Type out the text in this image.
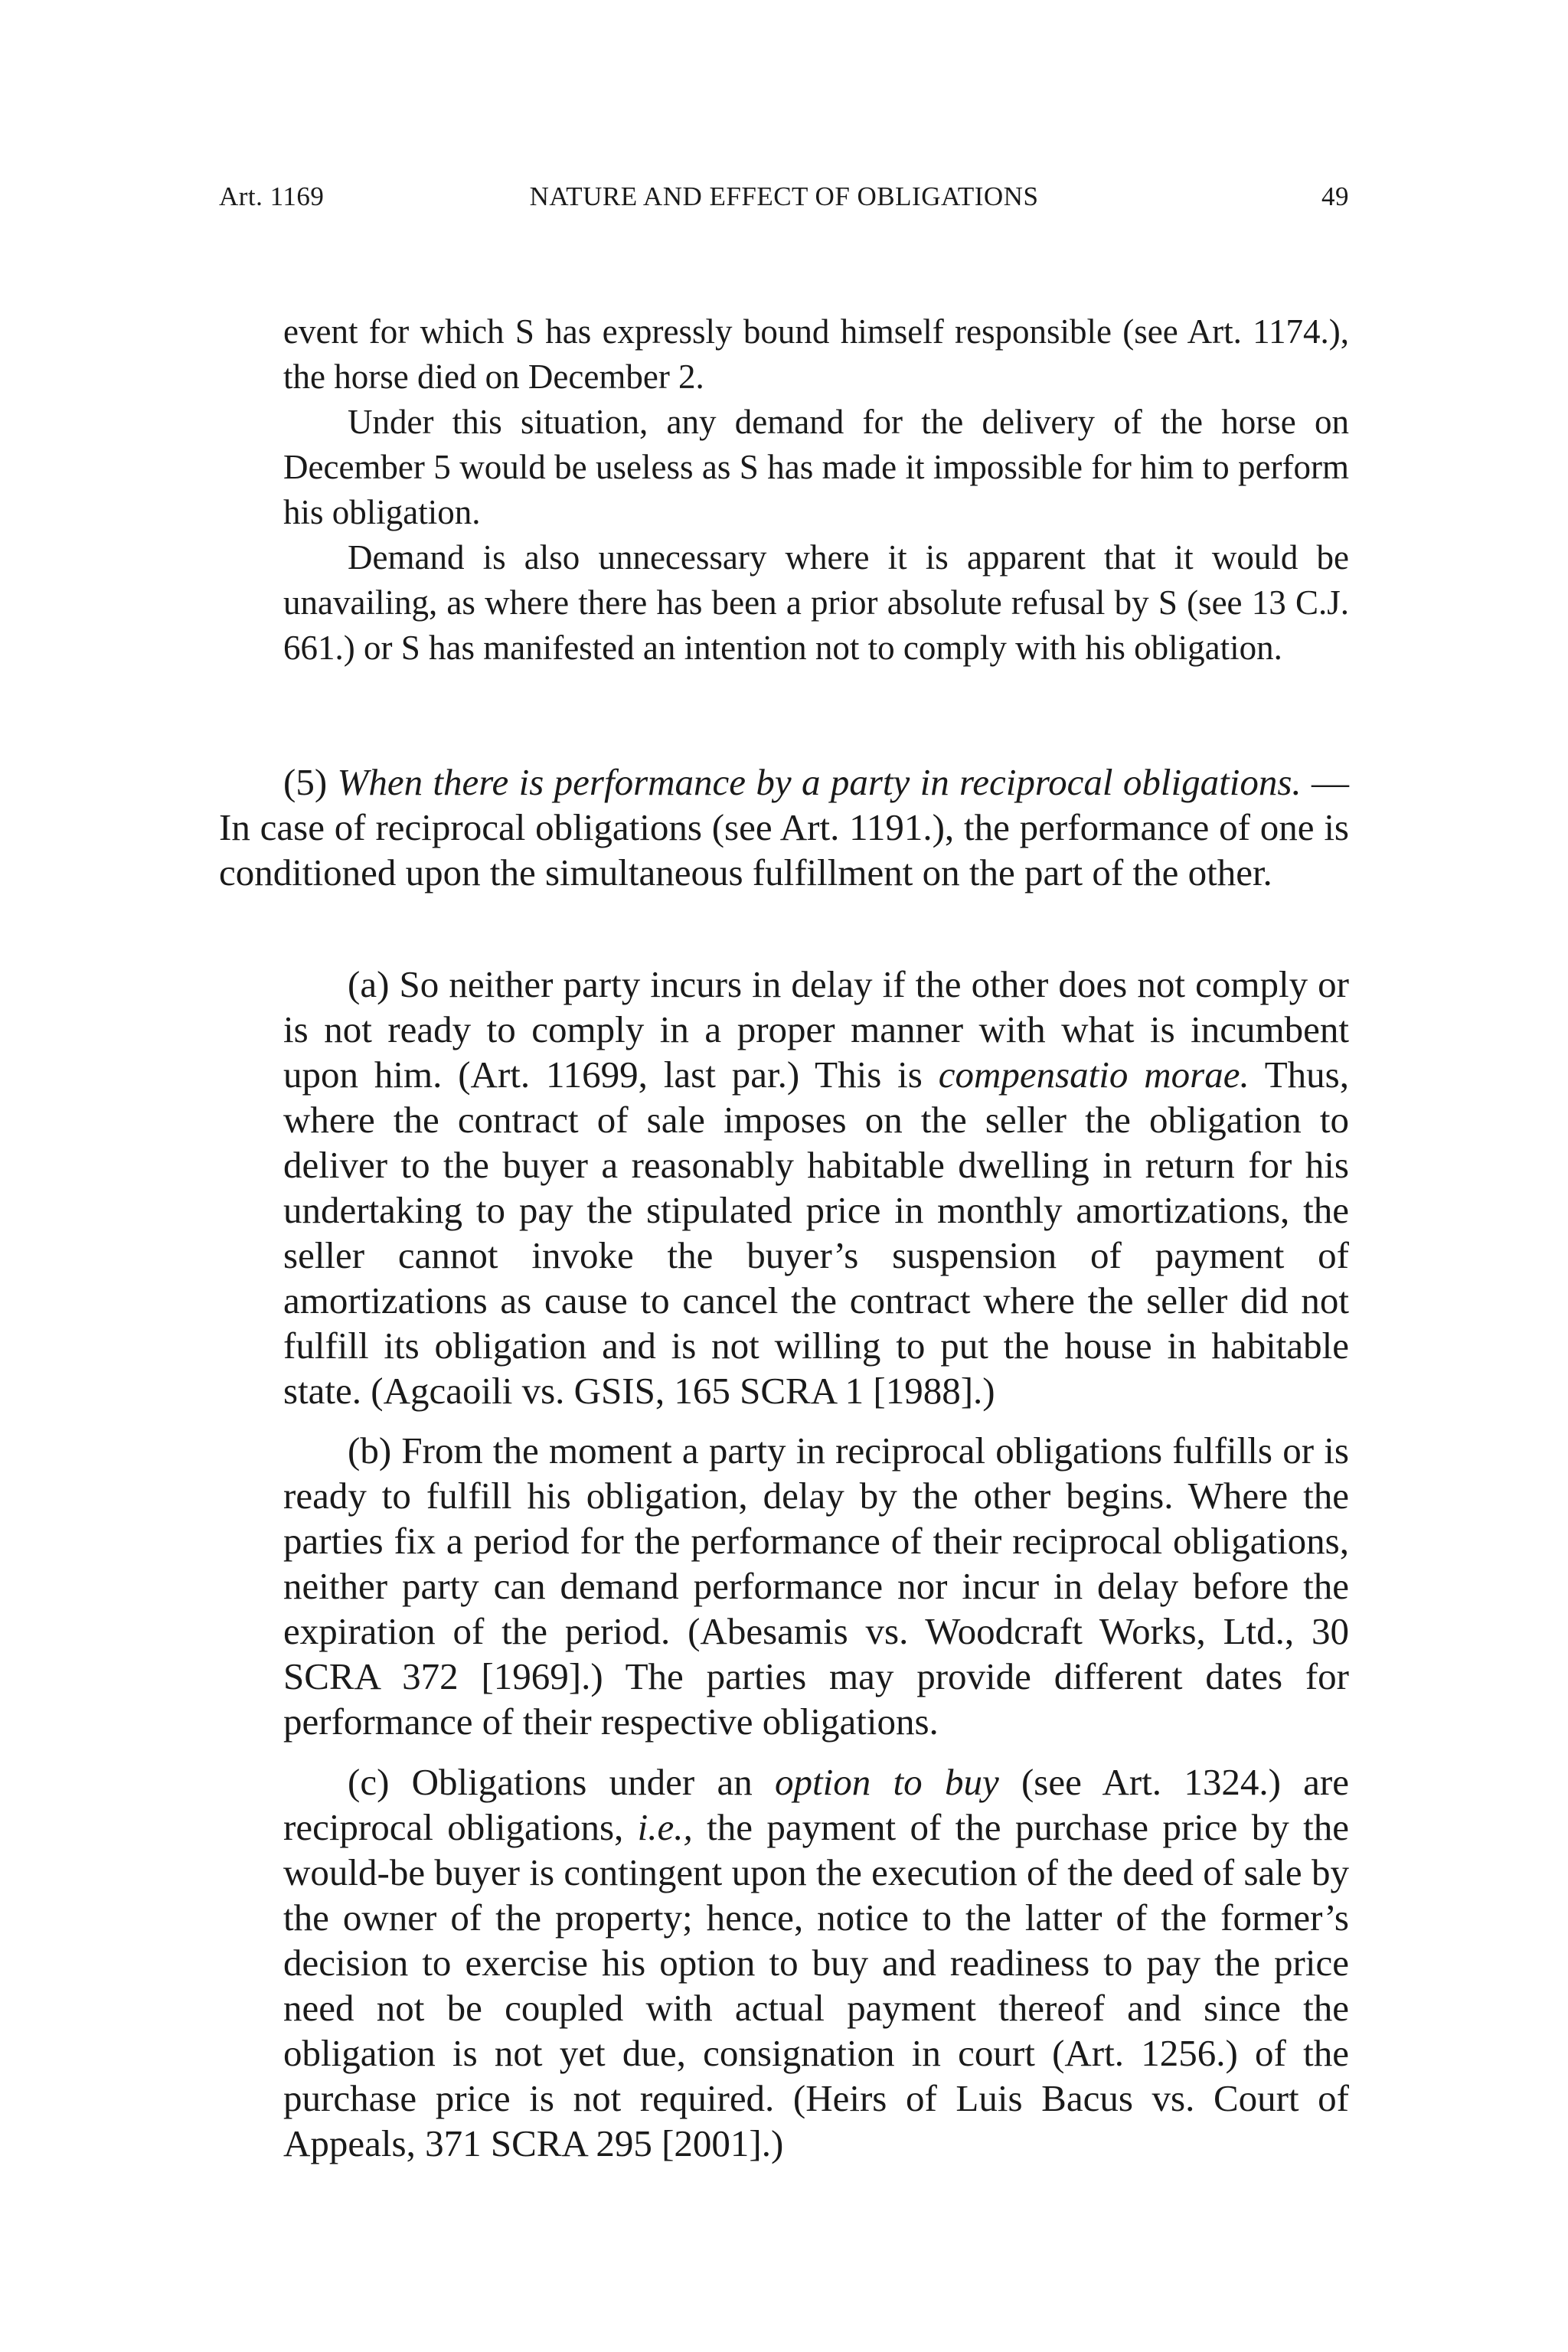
Art. 1169	NATURE AND EFFECT OF OBLIGATIONS	49

event for which S has expressly bound himself responsible (see Art. 1174.), the horse died on December 2.

Under this situation, any demand for the delivery of the horse on December 5 would be useless as S has made it impossible for him to perform his obligation.

Demand is also unnecessary where it is apparent that it would be unavailing, as where there has been a prior absolute refusal by S (see 13 C.J. 661.) or S has manifested an intention not to comply with his obligation.

(5) When there is performance by a party in reciprocal obligations. — In case of reciprocal obligations (see Art. 1191.), the performance of one is conditioned upon the simultaneous fulfillment on the part of the other.

(a) So neither party incurs in delay if the other does not comply or is not ready to comply in a proper manner with what is incumbent upon him. (Art. 11699, last par.) This is compensatio morae. Thus, where the contract of sale imposes on the seller the obligation to deliver to the buyer a reasonably habitable dwelling in return for his undertaking to pay the stipulated price in monthly amortizations, the seller cannot invoke the buyer’s suspension of payment of amortizations as cause to cancel the contract where the seller did not fulfill its obligation and is not willing to put the house in habitable state. (Agcaoili vs. GSIS, 165 SCRA 1 [1988].)

(b) From the moment a party in reciprocal obligations fulfills or is ready to fulfill his obligation, delay by the other begins. Where the parties fix a period for the performance of their reciprocal obligations, neither party can demand performance nor incur in delay before the expiration of the period. (Abesamis vs. Woodcraft Works, Ltd., 30 SCRA 372 [1969].) The parties may provide different dates for performance of their respective obligations.

(c) Obligations under an option to buy (see Art. 1324.) are reciprocal obligations, i.e., the payment of the purchase price by the would-be buyer is contingent upon the execution of the deed of sale by the owner of the property; hence, notice to the latter of the former’s decision to exercise his option to buy and readiness to pay the price need not be coupled with actual payment thereof and since the obligation is not yet due, consignation in court (Art. 1256.) of the purchase price is not required. (Heirs of Luis Bacus vs. Court of Appeals, 371 SCRA 295 [2001].)
